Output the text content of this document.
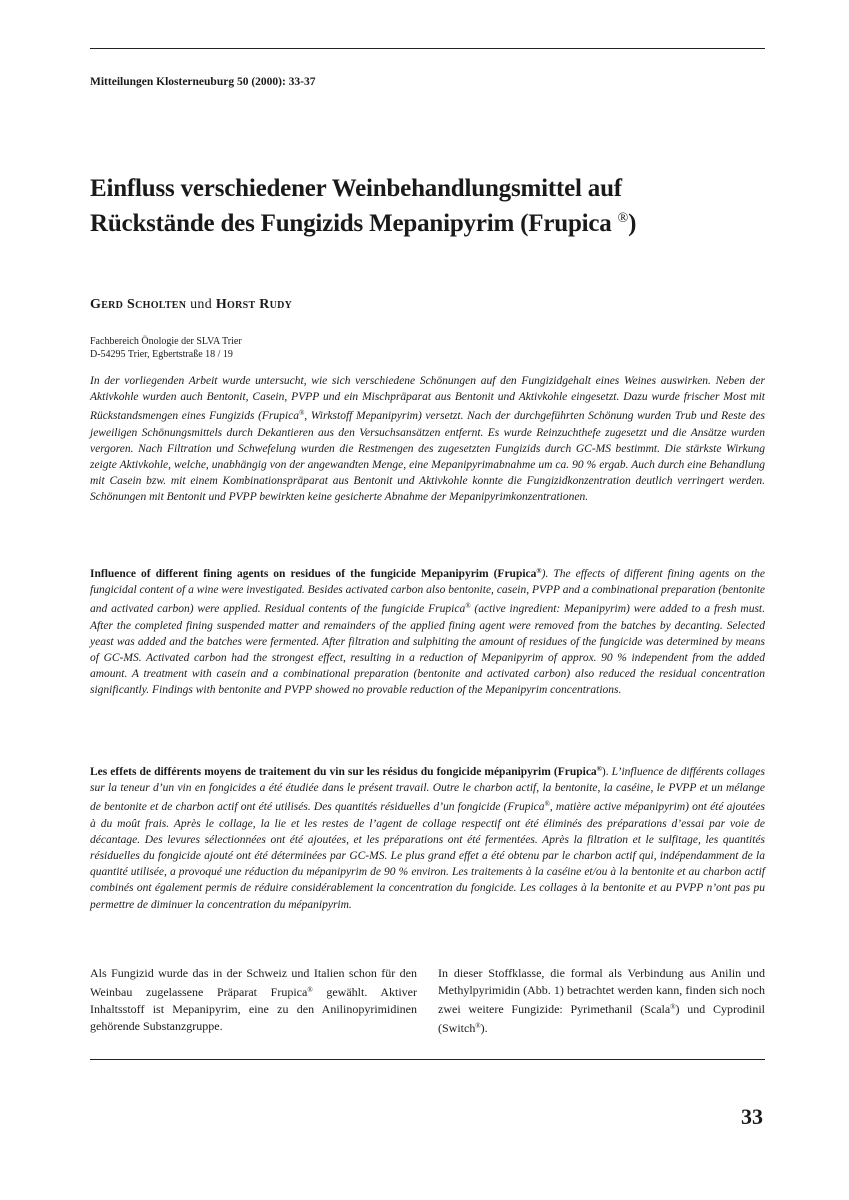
Mitteilungen Klosterneuburg 50 (2000): 33-37
Einfluss verschiedener Weinbehandlungsmittel auf
Rückstände des Fungizids Mepanipyrim (Frupica ®)
Gerd Scholten und Horst Rudy
Fachbereich Önologie der SLVA Trier
D-54295 Trier, Egbertstraße 18 / 19

In der vorliegenden Arbeit wurde untersucht, wie sich verschiedene Schönungen auf den Fungizidgehalt eines Weines auswirken. Neben der Aktivkohle wurden auch Bentonit, Casein, PVPP und ein Mischpräparat aus Bentonit und Aktivkohle eingesetzt. Dazu wurde frischer Most mit Rückstandsmengen eines Fungizids (Frupica®, Wirkstoff Mepanipyrim) versetzt. Nach der durchgeführten Schönung wurden Trub und Reste des jeweiligen Schönungsmittels durch Dekantieren aus den Versuchsansätzen entfernt. Es wurde Reinzuchthefe zugesetzt und die Ansätze wurden vergoren. Nach Filtration und Schwefelung wurden die Restmengen des zugesetzten Fungizids durch GC-MS bestimmt. Die stärkste Wirkung zeigte Aktivkohle, welche, unabhängig von der angewandten Menge, eine Mepanipyrimabnahme um ca. 90 % ergab. Auch durch eine Behandlung mit Casein bzw. mit einem Kombinationspräparat aus Bentonit und Aktivkohle konnte die Fungizidkonzentration deutlich verringert werden. Schönungen mit Bentonit und PVPP bewirkten keine gesicherte Abnahme der Mepanipyrimkonzentrationen.

Influence of different fining agents on residues of the fungicide Mepanipyrim (Frupica®). The effects of different fining agents on the fungicidal content of a wine were investigated. Besides activated carbon also bentonite, casein, PVPP and a combinational preparation (bentonite and activated carbon) were applied. Residual contents of the fungicide Frupica® (active ingredient: Mepanipyrim) were added to a fresh must. After the completed fining suspended matter and remainders of the applied fining agent were removed from the batches by decanting. Selected yeast was added and the batches were fermented. After filtration and sulphiting the amount of residues of the fungicide was determined by means of GC-MS. Activated carbon had the strongest effect, resulting in a reduction of Mepanipyrim of approx. 90 % independent from the added amount. A treatment with casein and a combinational preparation (bentonite and activated carbon) also reduced the residual concentration significantly. Findings with bentonite and PVPP showed no provable reduction of the Mepanipyrim concentrations.

Les effets de différents moyens de traitement du vin sur les résidus du fongicide mépanipyrim (Frupica®). L’influence de différents collages sur la teneur d’un vin en fongicides a été étudiée dans le présent travail. Outre le charbon actif, la bentonite, la caséine, le PVPP et un mélange de bentonite et de charbon actif ont été utilisés. Des quantités résiduelles d’un fongicide (Frupica®, matière active mépanipyrim) ont été ajoutées à du moût frais. Après le collage, la lie et les restes de l’agent de collage respectif ont été éliminés des préparations d’essai par voie de décantage. Des levures sélectionnées ont été ajoutées, et les préparations ont été fermentées. Après la filtration et le sulfitage, les quantités résiduelles du fongicide ajouté ont été déterminées par GC-MS. Le plus grand effet a été obtenu par le charbon actif qui, indépendamment de la quantité utilisée, a provoqué une réduction du mépanipyrim de 90 % environ. Les traitements à la caséine et/ou à la bentonite et au charbon actif combinés ont également permis de réduire considérablement la concentration du fongicide. Les collages à la bentonite et au PVPP n’ont pas pu permettre de diminuer la concentration du mépanipyrim.

Als Fungizid wurde das in der Schweiz und Italien schon für den Weinbau zugelassene Präparat Frupica® gewählt. Aktiver Inhaltsstoff ist Mepanipyrim, eine zu den Anilinopyrimidinen gehörende Substanzgruppe.

In dieser Stoffklasse, die formal als Verbindung aus Anilin und Methylpyrimidin (Abb. 1) betrachtet werden kann, finden sich noch zwei weitere Fungizide: Pyrimethanil (Scala®) und Cyprodinil (Switch®).

33
